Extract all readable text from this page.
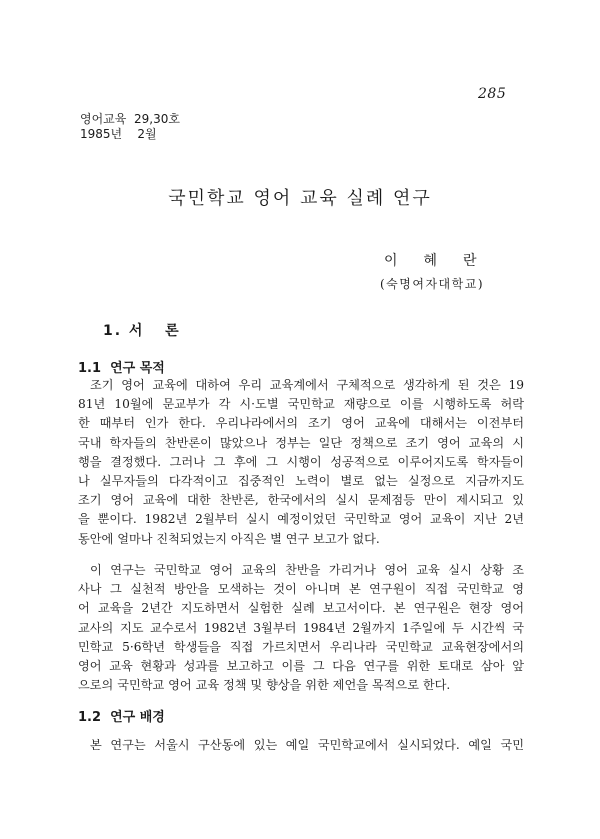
285
영어교육  29,30호
1985년    2월
국민학교 영어 교육 실례 연구
이혜란
(숙명여자대학교)
1. 서   론
1.1  연구 목적
조기 영어 교육에 대하여 우리 교육계에서 구체적으로 생각하게 된 것은 19
81년 10월에 문교부가 각 시·도별 국민학교 재량으로 이를 시행하도록 허락
한 때부터 인가 한다. 우리나라에서의 조기 영어 교육에 대해서는 이전부터
국내 학자들의 찬반론이 많았으나 정부는 일단 정책으로 조기 영어 교육의 시
행을 결정했다. 그러나 그 후에 그 시행이 성공적으로 이루어지도록 학자들이
나 실무자들의 다각적이고 집중적인 노력이 별로 없는 실정으로 지금까지도
조기 영어 교육에 대한 찬반론, 한국에서의 실시 문제점등 만이 제시되고 있
을 뿐이다. 1982년 2월부터 실시 예정이었던 국민학교 영어 교육이 지난 2년
동안에 얼마나 진척되었는지 아직은 별 연구 보고가 없다.
이 연구는 국민학교 영어 교육의 찬반을 가리거나 영어 교육 실시 상황 조
사나 그 실천적 방안을 모색하는 것이 아니며 본 연구원이 직접 국민학교 영
어 교육을 2년간 지도하면서 실험한 실례 보고서이다. 본 연구원은 현장 영어
교사의 지도 교수로서 1982년 3월부터 1984년 2월까지 1주일에 두 시간씩 국
민학교 5·6학년 학생들을 직접 가르치면서 우리나라 국민학교 교육현장에서의
영어 교육 현황과 성과를 보고하고 이를 그 다음 연구를 위한 토대로 삼아 앞
으로의 국민학교 영어 교육 정책 및 향상을 위한 제언을 목적으로 한다.
1.2  연구 배경
본 연구는 서울시 구산동에 있는 예일 국민학교에서 실시되었다. 예일 국민
